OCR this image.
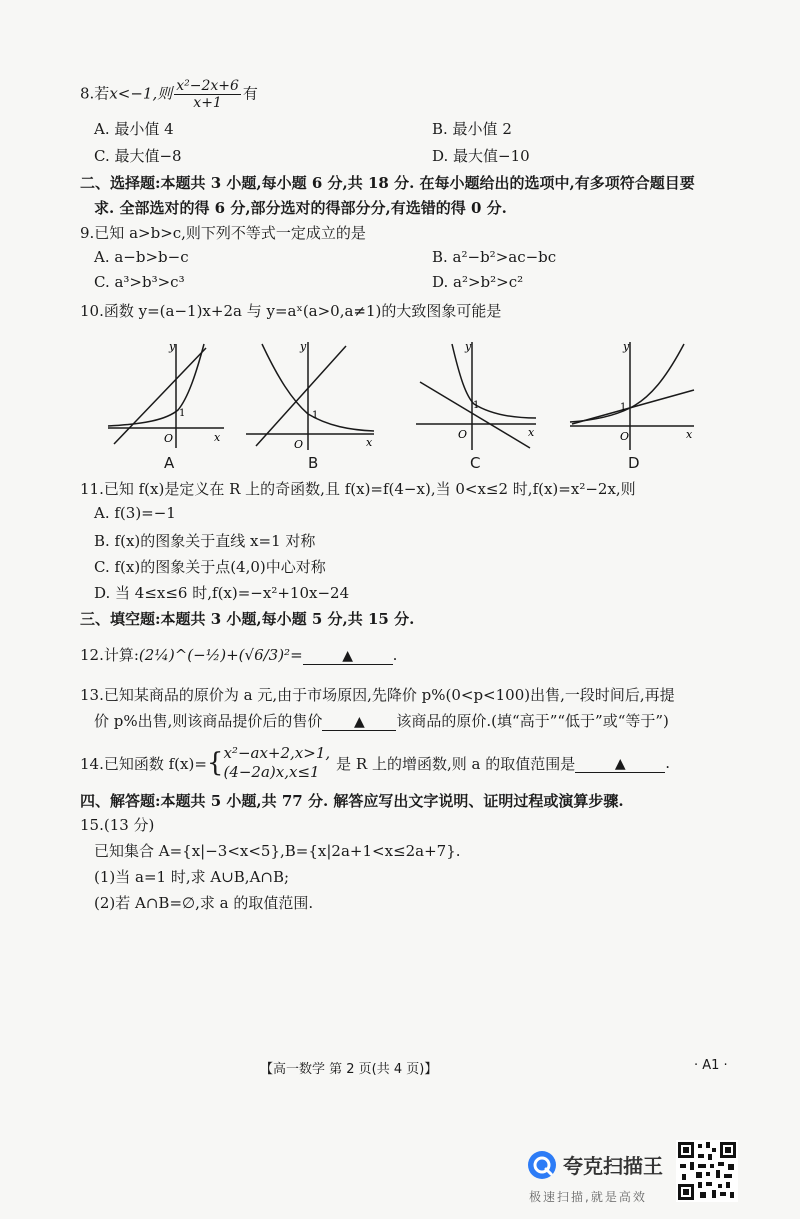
8.若x<−1,则 $\frac{\text{x²−2x+6}}{x+1}$ 有
A. 最小值 4	B. 最小值 2
C. 最大值−8	D. 最大值−10
二、选择题:本题共 3 小题,每小题 6 分,共 18 分. 在每小题给出的选项中,有多项符合题目要
求. 全部选对的得 6 分,部分选对的得部分分,有选错的得 0 分.
9.已知 a>b>c,则下列不等式一定成立的是
A. a−b>b−c	B. a²−b²>ac−bc
C. a³>b³>c³	D. a²>b²>c²
10.函数 y=(a−1)x+2a 与 y=aˣ(a>0,a≠1)的大致图象可能是
O
1
x
y
A
O
1
x
y
B
O
1
x
y
C
O
1
x
y
D
11.已知 f(x)是定义在 R 上的奇函数,且 f(x)=f(4−x),当 0<x≤2 时,f(x)=x²−2x,则
A. f(3)=−1
B. f(x)的图象关于直线 x=1 对称
C. f(x)的图象关于点(4,0)中心对称
D. 当 4≤x≤6 时,f(x)=−x²+10x−24
三、填空题:本题共 3 小题,每小题 5 分,共 15 分.
12.计算:(2¼)^(−½)+(√6/3)²=	▲	.
13.已知某商品的原价为 a 元,由于市场原因,先降价 p%(0<p<100)出售,一段时间后,再提
价 p%出售,则该商品提价后的售价 ▲ 该商品的原价.(填“高于”“低于”或“等于”)
14.已知函数 f(x)={ x²−ax+2,x>1,
(4−2a)x,x≤1	是 R 上的增函数,则 a 的取值范围是	▲	.
四、解答题:本题共 5 小题,共 77 分. 解答应写出文字说明、证明过程或演算步骤.
15.(13 分)
已知集合 A={x|−3<x<5},B={x|2a+1<x≤2a+7}.
(1)当 a=1 时,求 A∪B,A∩B;
(2)若 A∩B=∅,求 a 的取值范围.
【高一数学 第 2 页(共 4 页)】	· A1 ·
夸克扫描王
极速扫描,就是高效
